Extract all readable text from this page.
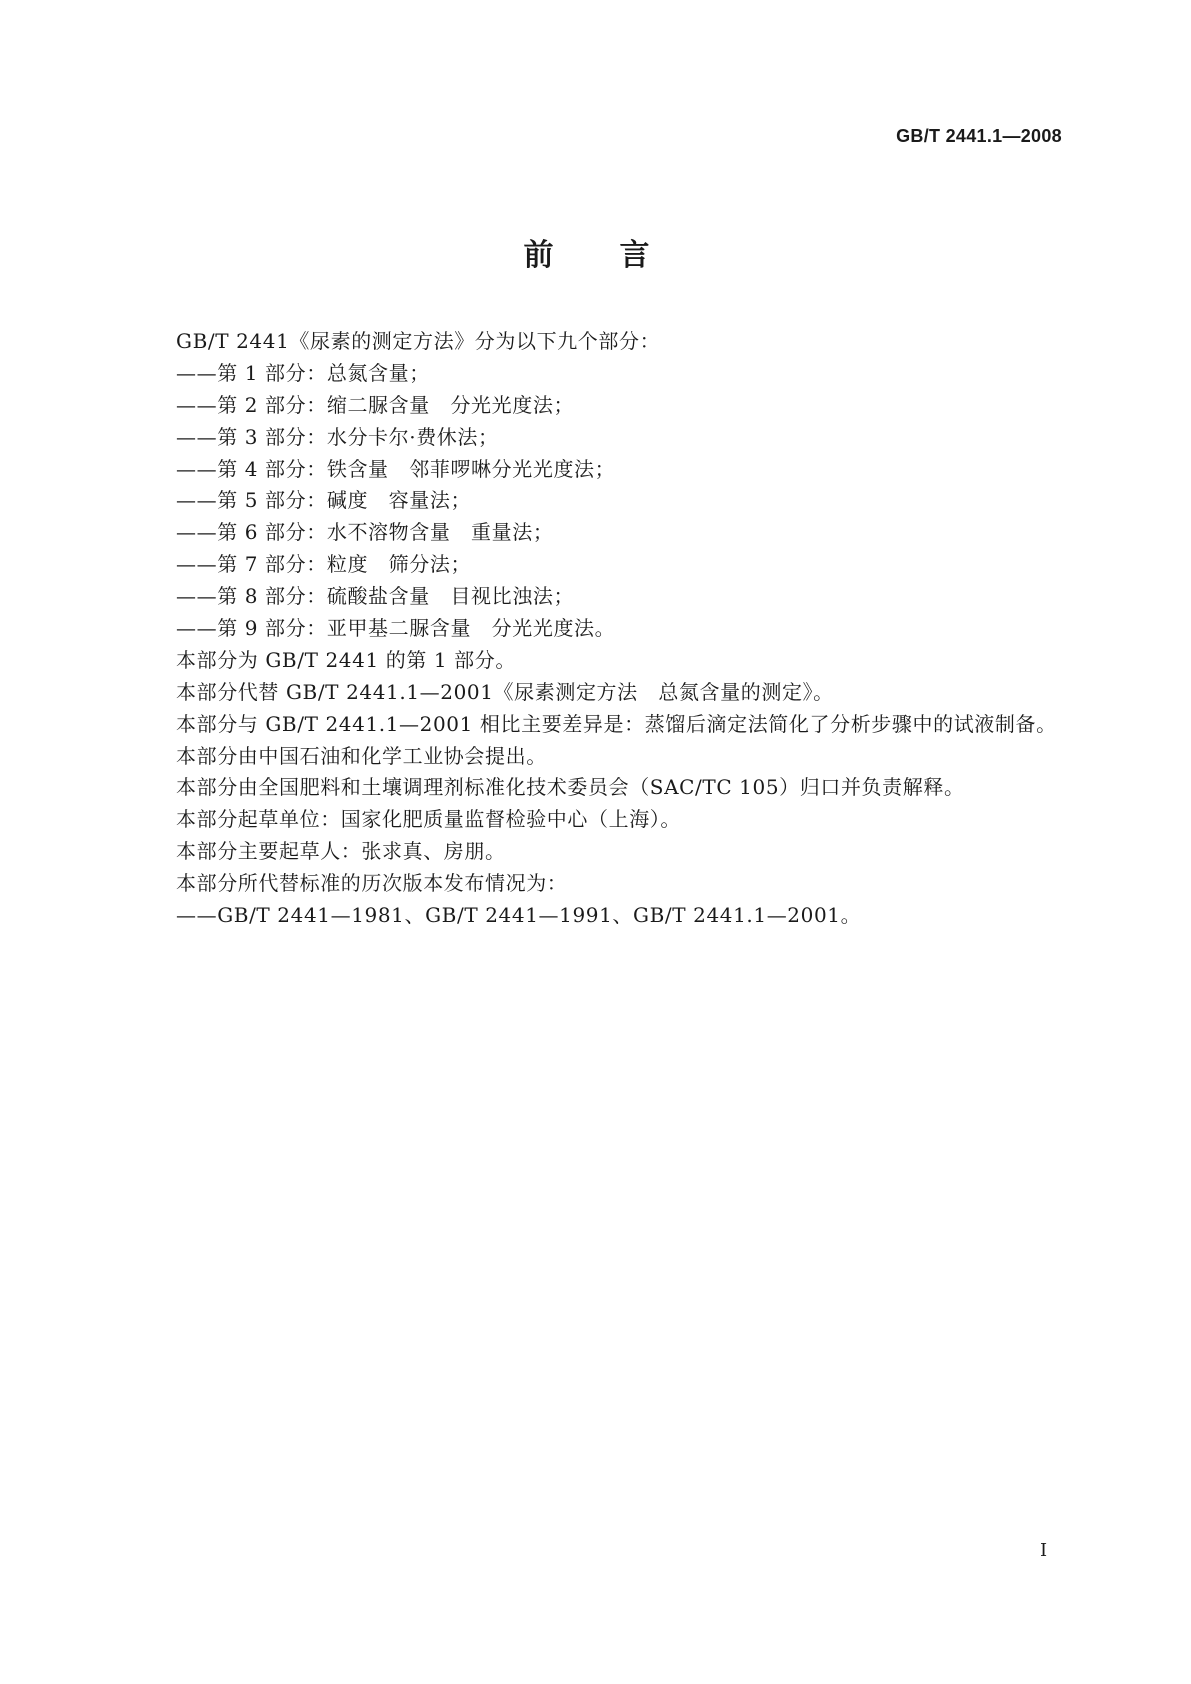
GB/T 2441.1—2008
前　言
GB/T 2441《尿素的测定方法》分为以下九个部分：
——第 1 部分：总氮含量；
——第 2 部分：缩二脲含量　分光光度法；
——第 3 部分：水分卡尔·费休法；
——第 4 部分：铁含量　邻菲啰啉分光光度法；
——第 5 部分：碱度　容量法；
——第 6 部分：水不溶物含量　重量法；
——第 7 部分：粒度　筛分法；
——第 8 部分：硫酸盐含量　目视比浊法；
——第 9 部分：亚甲基二脲含量　分光光度法。
本部分为 GB/T 2441 的第 1 部分。
本部分代替 GB/T 2441.1—2001《尿素测定方法　总氮含量的测定》。
本部分与 GB/T 2441.1—2001 相比主要差异是：蒸馏后滴定法简化了分析步骤中的试液制备。
本部分由中国石油和化学工业协会提出。
本部分由全国肥料和土壤调理剂标准化技术委员会（SAC/TC 105）归口并负责解释。
本部分起草单位：国家化肥质量监督检验中心（上海）。
本部分主要起草人：张求真、房朋。
本部分所代替标准的历次版本发布情况为：
——GB/T 2441—1981、GB/T 2441—1991、GB/T 2441.1—2001。
I
